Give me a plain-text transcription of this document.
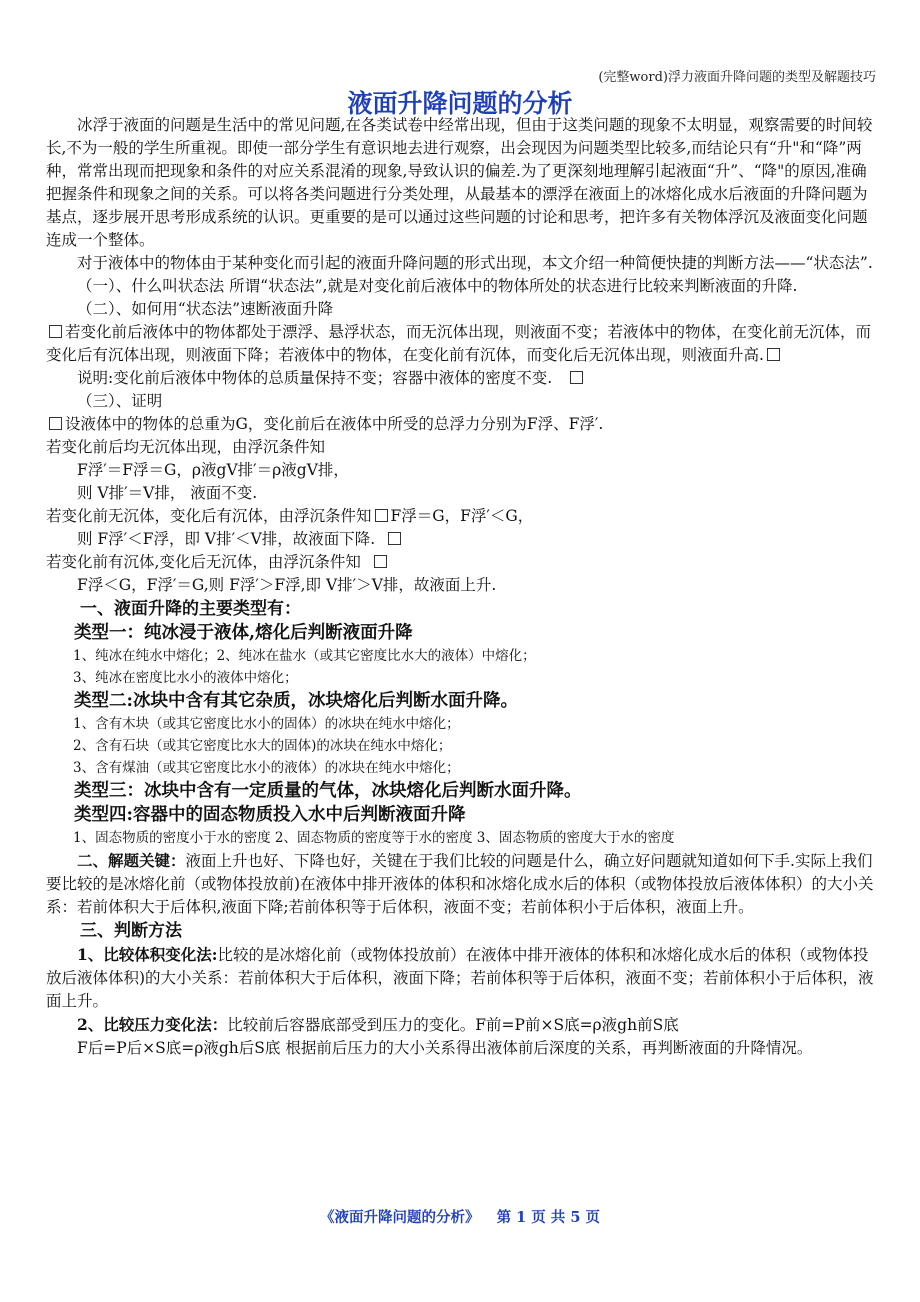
(完整word)浮力液面升降问题的类型及解题技巧
液面升降问题的分析

冰浮于液面的问题是生活中的常见问题,在各类试卷中经常出现，但由于这类问题的现象不太明显，观察需要的时间较长,不为一般的学生所重视。即使一部分学生有意识地去进行观察，出会现因为问题类型比较多,而结论只有“升"和“降”两种，常常出现而把现象和条件的对应关系混淆的现象,导致认识的偏差.为了更深刻地理解引起液面“升”、“降"的原因,准确把握条件和现象之间的关系。可以将各类问题进行分类处理，从最基本的漂浮在液面上的冰熔化成水后液面的升降问题为基点，逐步展开思考形成系统的认识。更重要的是可以通过这些问题的讨论和思考，把许多有关物体浮沉及液面变化问题连成一个整体。

对于液体中的物体由于某种变化而引起的液面升降问题的形式出现，本文介绍一种简便快捷的判断方法——“状态法”.

（一）、什么叫状态法 所谓“状态法”,就是对变化前后液体中的物体所处的状态进行比较来判断液面的升降.

（二）、如何用“状态法”速断液面升降

若变化前后液体中的物体都处于漂浮、悬浮状态，而无沉体出现，则液面不变；若液体中的物体，在变化前无沉体，而变化后有沉体出现，则液面下降；若液体中的物体，在变化前有沉体，而变化后无沉体出现，则液面升高.

说明:变化前后液体中物体的总质量保持不变；容器中液体的密度不变.

（三）、证明

设液体中的物体的总重为G，变化前后在液体中所受的总浮力分别为F浮、F浮′.

若变化前后均无沉体出现，由浮沉条件知

F浮′＝F浮＝G，ρ液gV排′＝ρ液gV排，

则 V排′＝V排， 液面不变.

若变化前无沉体，变化后有沉体，由浮沉条件知 F浮＝G，F浮′＜G，

则 F浮′＜F浮，即 V排′＜V排，故液面下降.

若变化前有沉体,变化后无沉体，由浮沉条件知

F浮＜G，F浮′＝G,则 F浮′＞F浮,即 V排′＞V排，故液面上升.

一、液面升降的主要类型有：

类型一：纯冰浸于液体,熔化后判断液面升降

1、纯冰在纯水中熔化；2、纯冰在盐水（或其它密度比水大的液体）中熔化；

3、纯冰在密度比水小的液体中熔化；

类型二:冰块中含有其它杂质，冰块熔化后判断水面升降。

1、含有木块（或其它密度比水小的固体）的冰块在纯水中熔化；

2、含有石块（或其它密度比水大的固体)的冰块在纯水中熔化；

3、含有煤油（或其它密度比水小的液体）的冰块在纯水中熔化；

类型三：冰块中含有一定质量的气体，冰块熔化后判断水面升降。

类型四:容器中的固态物质投入水中后判断液面升降

1、固态物质的密度小于水的密度 2、固态物质的密度等于水的密度 3、固态物质的密度大于水的密度

二、解题关键：液面上升也好、下降也好，关键在于我们比较的问题是什么，确立好问题就知道如何下手.实际上我们要比较的是冰熔化前（或物体投放前)在液体中排开液体的体积和冰熔化成水后的体积（或物体投放后液体体积）的大小关系：若前体积大于后体积,液面下降;若前体积等于后体积，液面不变；若前体积小于后体积，液面上升。

三、判断方法

1、比较体积变化法:比较的是冰熔化前（或物体投放前）在液体中排开液体的体积和冰熔化成水后的体积（或物体投放后液体体积)的大小关系：若前体积大于后体积，液面下降；若前体积等于后体积，液面不变；若前体积小于后体积，液面上升。

2、比较压力变化法：比较前后容器底部受到压力的变化。F前=P前×S底=ρ液gh前S底

F后=P后×S底=ρ液gh后S底 根据前后压力的大小关系得出液体前后深度的关系，再判断液面的升降情况。

《液面升降问题的分析》 第 1 页 共 5 页
